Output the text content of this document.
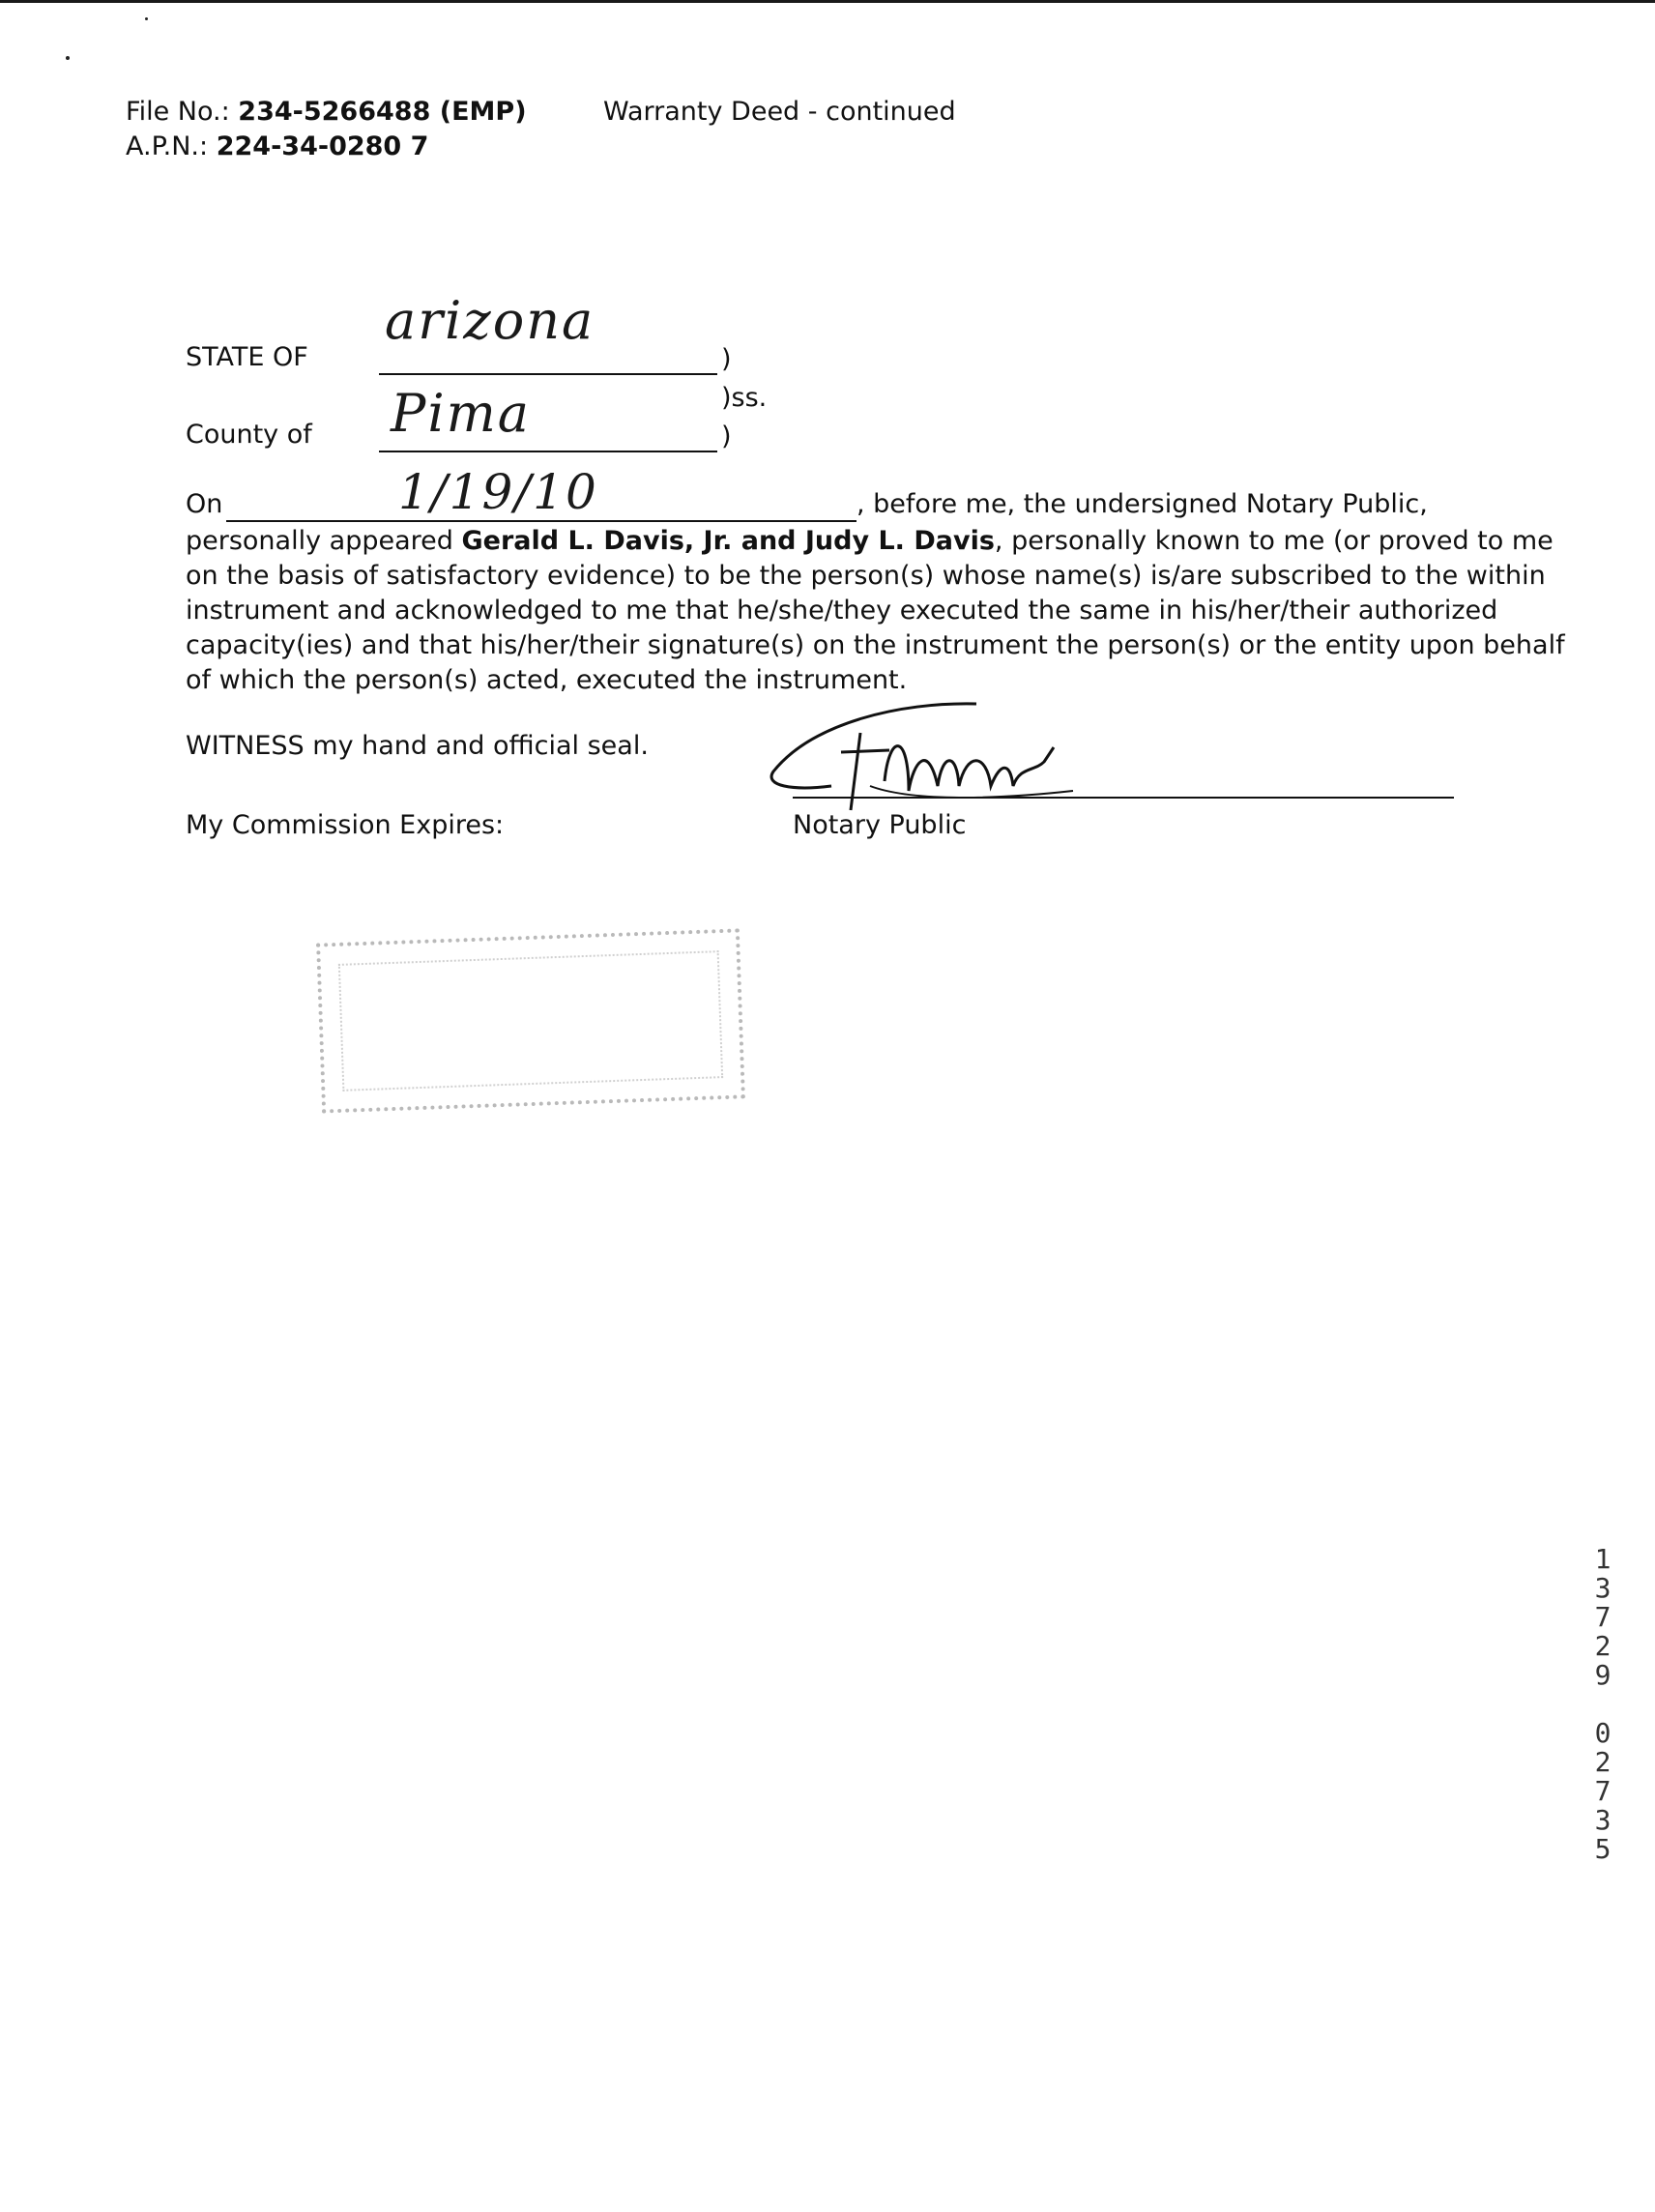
File No.: 234-5266488 (EMP)
A.P.N.: 224-34-0280 7
Warranty Deed - continued
STATE OF
arizona
)
)ss.
County of Pima	)
On	1/19/10	, before me, the undersigned Notary Public,
personally appeared Gerald L. Davis, Jr. and Judy L. Davis, personally known to me (or proved to me
on the basis of satisfactory evidence) to be the person(s) whose name(s) is/are subscribed to the within
instrument and acknowledged to me that he/she/they executed the same in his/her/their authorized
capacity(ies) and that his/her/their signature(s) on the instrument the person(s) or the entity upon behalf
of which the person(s) acted, executed the instrument.
WITNESS my hand and official seal.
My Commission Expires:	Notary Public
1
3
7
2
9

0
2
7
3
5
